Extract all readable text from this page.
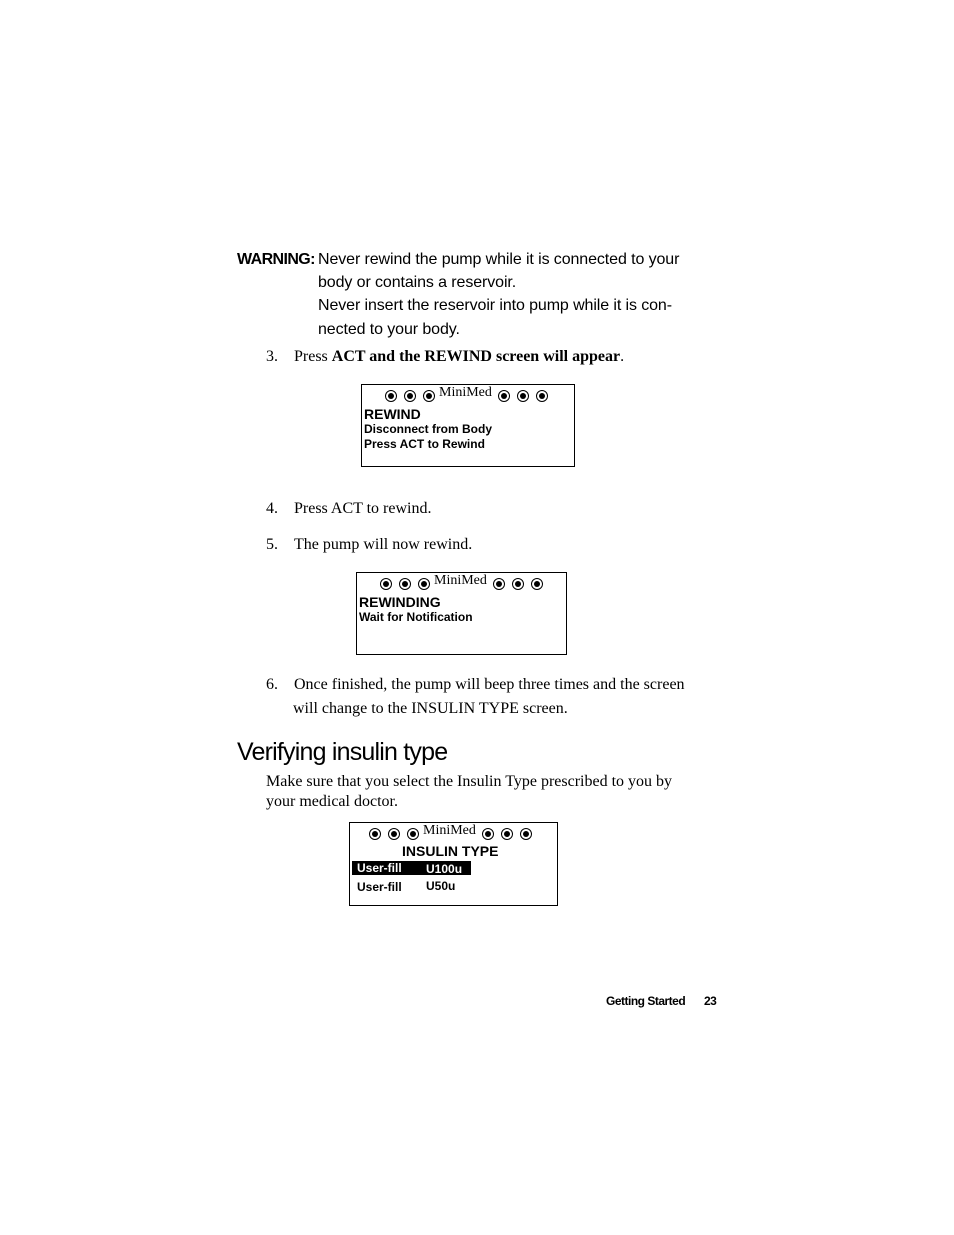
WARNING: Never rewind the pump while it is connected to your
body or contains a reservoir.
Never insert the reservoir into pump while it is con-
nected to your body.
3. Press ACT and the REWIND screen will appear.
MiniMed
REWIND
Disconnect from Body
Press ACT to Rewind
4. Press ACT to rewind.
5. The pump will now rewind.
MiniMed
REWINDING
Wait for Notification
6. Once finished, the pump will beep three times and the screen
will change to the INSULIN TYPE screen.
Verifying insulin type
Make sure that you select the Insulin Type prescribed to you by
your medical doctor.
MiniMed
INSULIN TYPE
User-fill U100u
User-fill U50u
Getting Started 23
